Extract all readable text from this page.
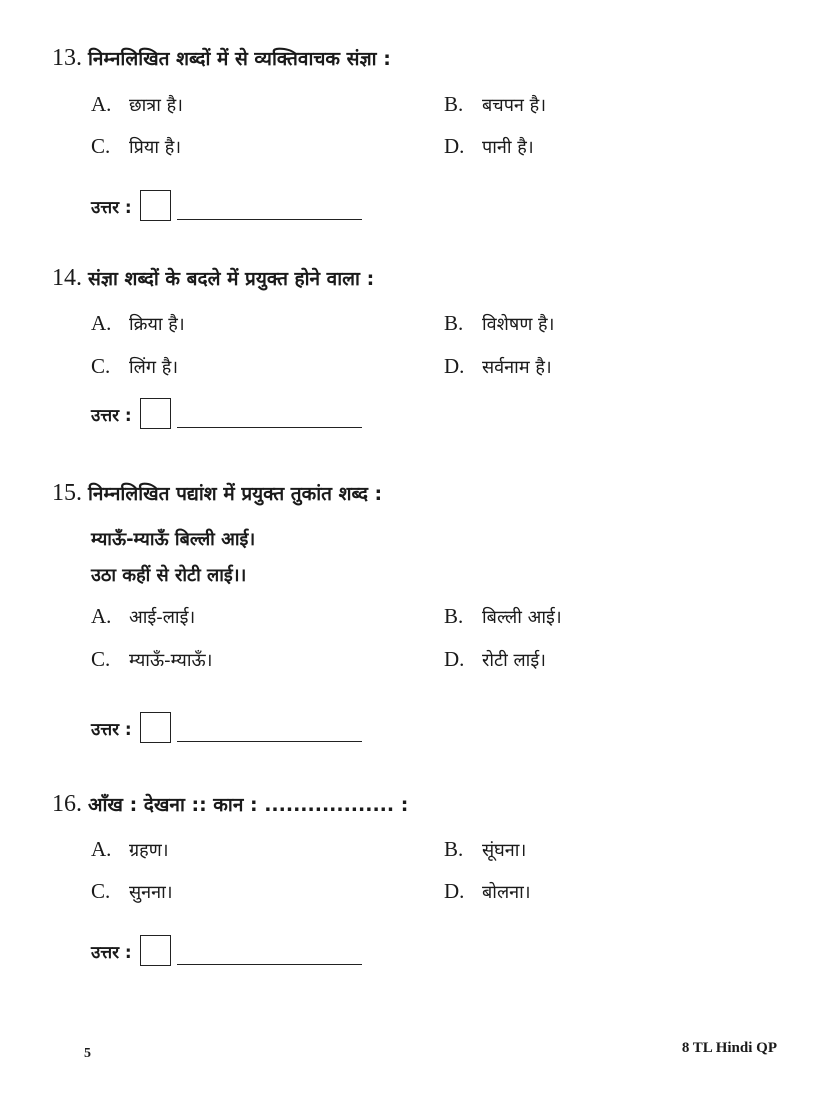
13. निम्नलिखित शब्दों में से व्यक्तिवाचक संज्ञा :
A. छात्रा है।	B. बचपन है।
C. प्रिया है।	D. पानी है।
उत्तर :
14. संज्ञा शब्दों के बदले में प्रयुक्त होने वाला :
A. क्रिया है।	B. विशेषण है।
C. लिंग है।	D. सर्वनाम है।
उत्तर :
15. निम्नलिखित पद्यांश में प्रयुक्त तुकांत शब्द :
म्याऊँ-म्याऊँ बिल्ली आई।
उठा कहीं से रोटी लाई।।
A. आई-लाई।	B. बिल्ली आई।
C. म्याऊँ-म्याऊँ।	D. रोटी लाई।
उत्तर :
16. आँख : देखना :: कान : .................. :
A. ग्रहण।	B. सूंघना।
C. सुनना।	D. बोलना।
उत्तर :
5	8 TL Hindi QP
